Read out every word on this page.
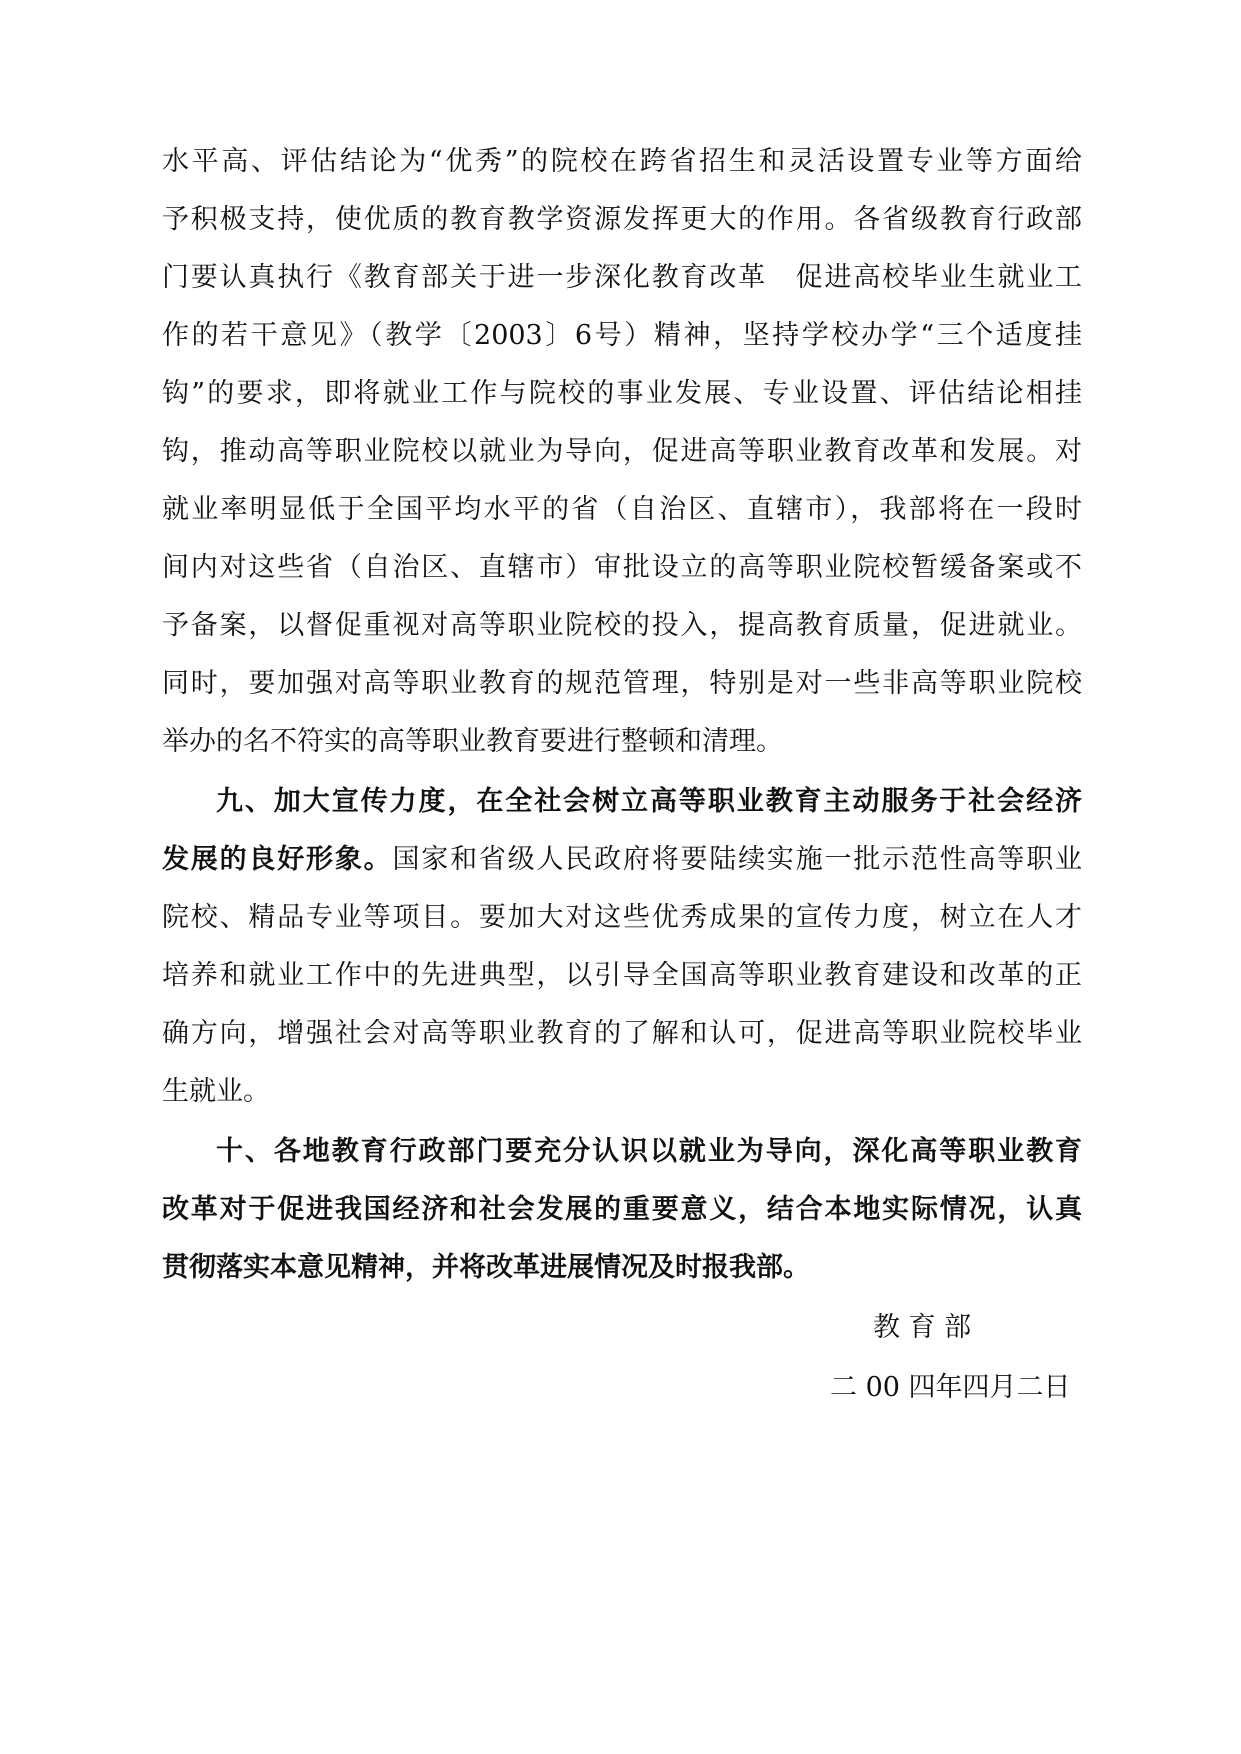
水平高、评估结论为“优秀”的院校在跨省招生和灵活设置专业等方面给
予积极支持，使优质的教育教学资源发挥更大的作用。各省级教育行政部
门要认真执行《教育部关于进一步深化教育改革　促进高校毕业生就业工
作的若干意见》（教学〔2003〕6号）精神，坚持学校办学“三个适度挂
钩”的要求，即将就业工作与院校的事业发展、专业设置、评估结论相挂
钩，推动高等职业院校以就业为导向，促进高等职业教育改革和发展。对
就业率明显低于全国平均水平的省（自治区、直辖市），我部将在一段时
间内对这些省（自治区、直辖市）审批设立的高等职业院校暂缓备案或不
予备案，以督促重视对高等职业院校的投入，提高教育质量，促进就业。
同时，要加强对高等职业教育的规范管理，特别是对一些非高等职业院校
举办的名不符实的高等职业教育要进行整顿和清理。
九、加大宣传力度，在全社会树立高等职业教育主动服务于社会经济
发展的良好形象。国家和省级人民政府将要陆续实施一批示范性高等职业
院校、精品专业等项目。要加大对这些优秀成果的宣传力度，树立在人才
培养和就业工作中的先进典型，以引导全国高等职业教育建设和改革的正
确方向，增强社会对高等职业教育的了解和认可，促进高等职业院校毕业
生就业。
十、各地教育行政部门要充分认识以就业为导向，深化高等职业教育
改革对于促进我国经济和社会发展的重要意义，结合本地实际情况，认真
贯彻落实本意见精神，并将改革进展情况及时报我部。
教 育 部
二 00 四年四月二日
